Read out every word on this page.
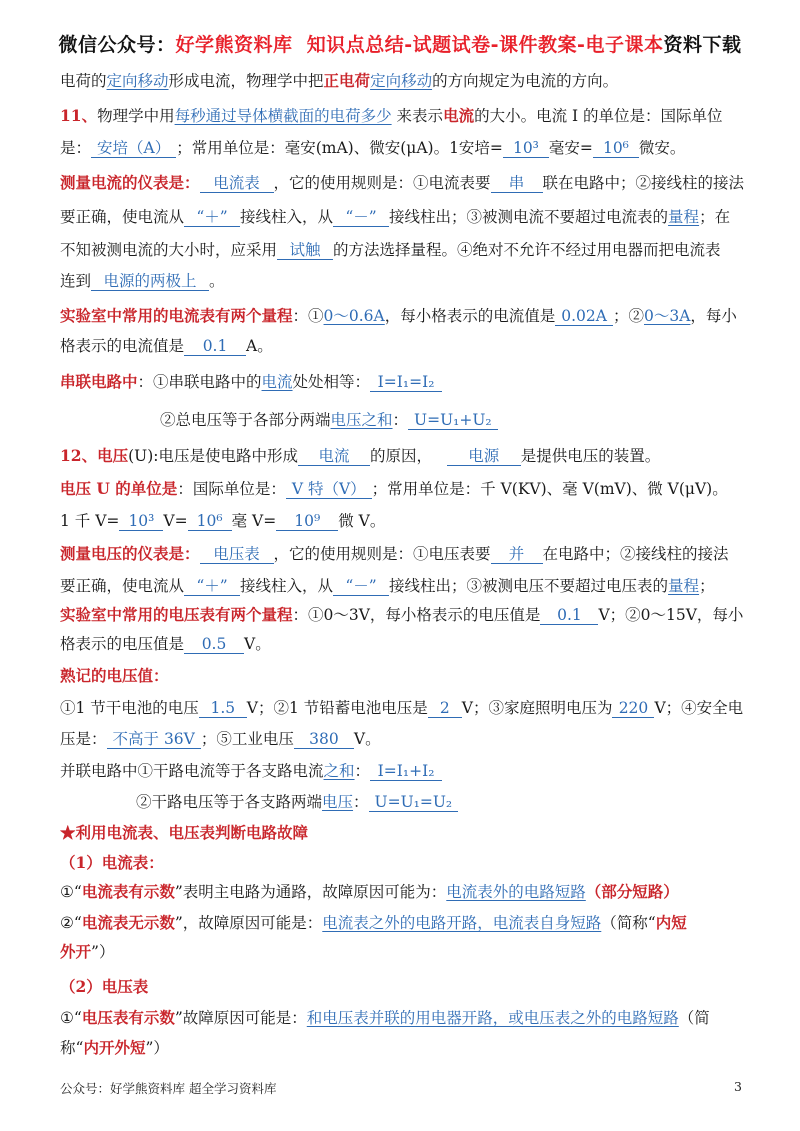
微信公众号：好学熊资料库 知识点总结-试题试卷-课件教案-电子课本资料下载
电荷的定向移动形成电流，物理学中把正电荷定向移动的方向规定为电流的方向。
11、物理学中用每秒通过导体横截面的电荷多少 来表示电流的大小。电流 I 的单位是：国际单位
是： 安培（A） ；常用单位是：毫安(mA)、微安(μA)。1安培= 10³ 毫安= 10⁶ 微安。
测量电流的仪表是： 电流表 ，它的使用规则是：①电流表要 串 联在电路中；②接线柱的接法
要正确，使电流从 “＋” 接线柱入，从 “－” 接线柱出；③被测电流不要超过电流表的量程；在
不知被测电流的大小时，应采用 试触 的方法选择量程。④绝对不允许不经过用电器而把电流表
连到 电源的两极上 。
实验室中常用的电流表有两个量程：①0～0.6A，每小格表示的电流值是 0.02A ；②0～3A，每小
格表示的电流值是 0.1 A。
串联电路中：①串联电路中的电流处处相等： I=I₁=I₂
②总电压等于各部分两端电压之和： U=U₁+U₂
12、电压(U):电压是使电路中形成 电流 的原因， 电源 是提供电压的装置。
电压 U 的单位是：国际单位是： V 特（V） ；常用单位是：千 V(KV)、毫 V(mV)、微 V(μV)。
1 千 V= 10³ V= 10⁶ 毫 V= 10⁹ 微 V。
测量电压的仪表是： 电压表 ，它的使用规则是：①电压表要 并 在电路中；②接线柱的接法
要正确，使电流从 “＋” 接线柱入，从 “－” 接线柱出；③被测电压不要超过电压表的量程；
实验室中常用的电压表有两个量程：①0～3V，每小格表示的电压值是 0.1 V；②0～15V，每小
格表示的电压值是 0.5 V。
熟记的电压值：
①1 节干电池的电压 1.5 V；②1 节铅蓄电池电压是 2 V；③家庭照明电压为 220 V；④安全电
压是： 不高于 36V ；⑤工业电压 380 V。
并联电路中①干路电流等于各支路电流之和： I=I₁+I₂
②干路电压等于各支路两端电压： U=U₁=U₂
★利用电流表、电压表判断电路故障
（1）电流表：
①“电流表有示数”表明主电路为通路，故障原因可能为：电流表外的电路短路（部分短路）
②“电流表无示数”，故障原因可能是：电流表之外的电路开路，电流表自身短路（简称“内短
外开”）
（2）电压表
①“电压表有示数”故障原因可能是：和电压表并联的用电器开路，或电压表之外的电路短路（简
称“内开外短”）
公众号：好学熊资料库 超全学习资料库	3
